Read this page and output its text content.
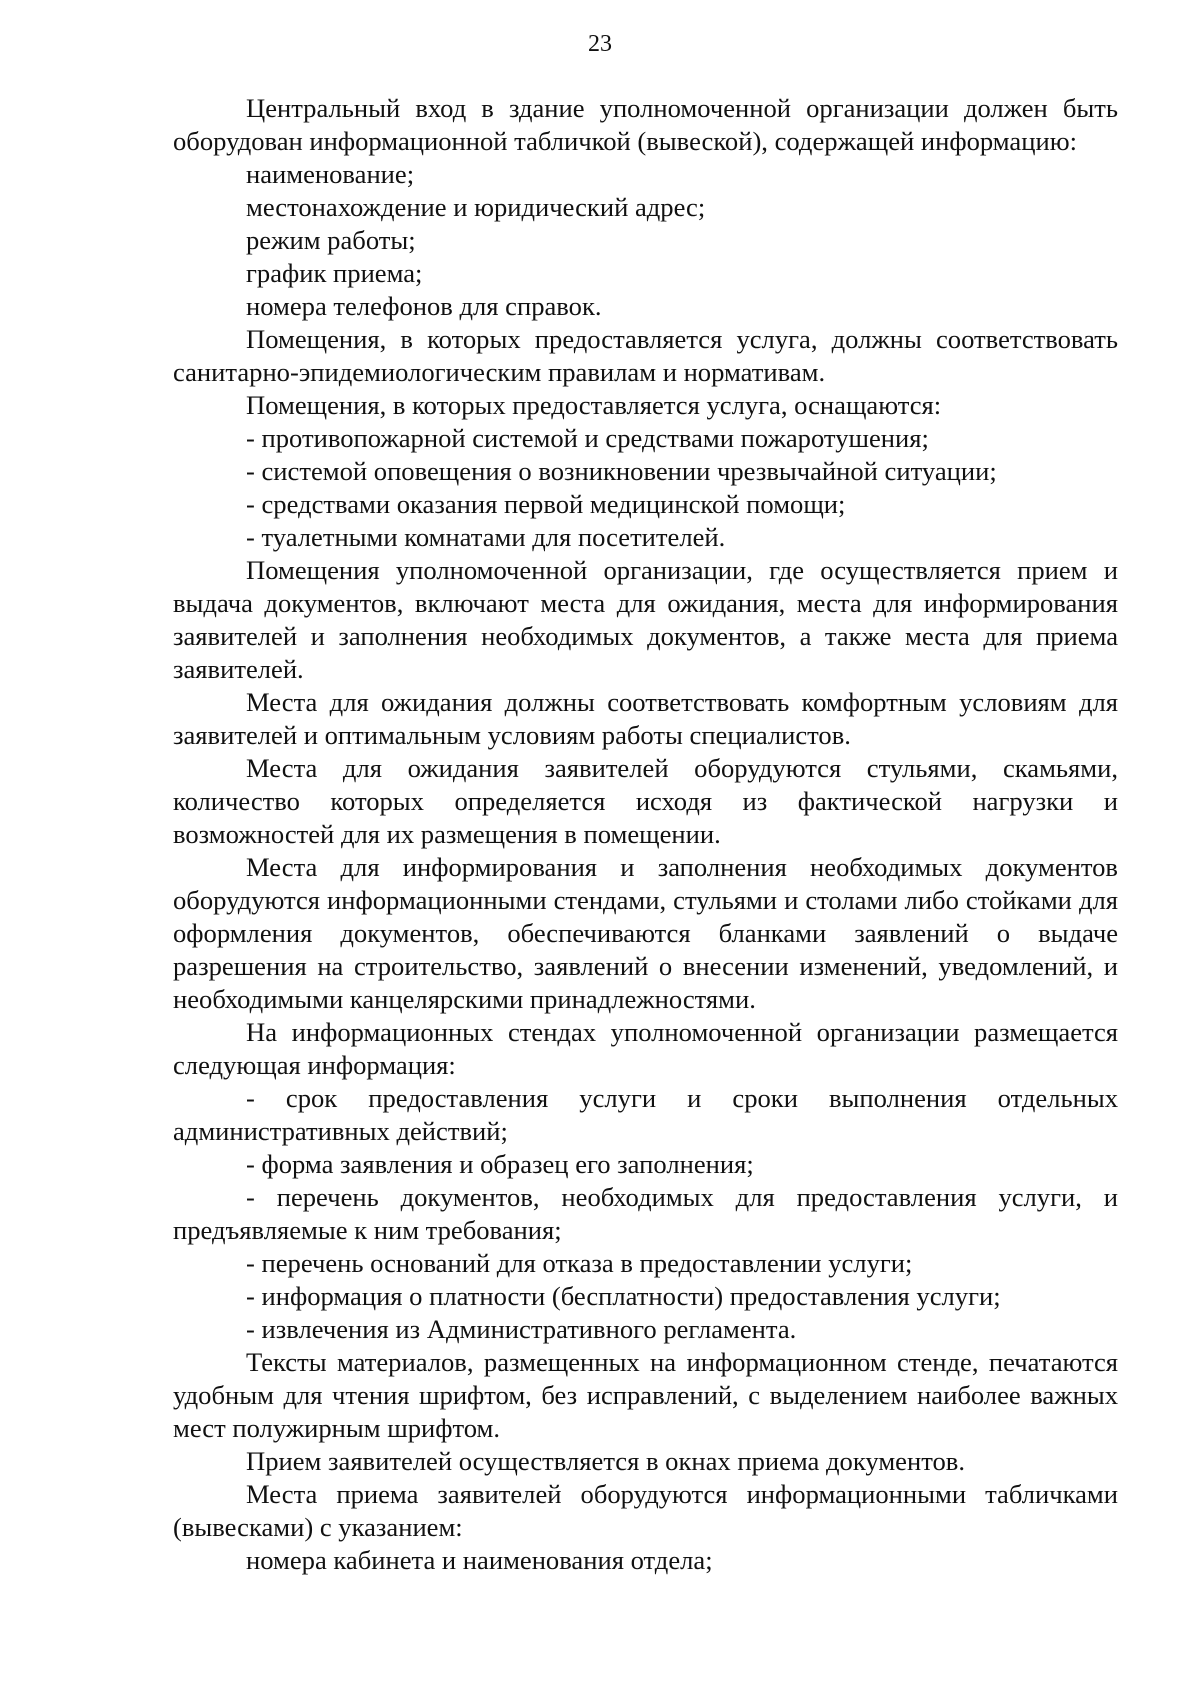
23

Центральный вход в здание уполномоченной организации должен быть оборудован информационной табличкой (вывеской), содержащей информацию:

наименование;

местонахождение и юридический адрес;

режим работы;

график приема;

номера телефонов для справок.

Помещения, в которых предоставляется услуга, должны соответствовать санитарно-эпидемиологическим правилам и нормативам.

Помещения, в которых предоставляется услуга, оснащаются:

- противопожарной системой и средствами пожаротушения;

- системой оповещения о возникновении чрезвычайной ситуации;

- средствами оказания первой медицинской помощи;

- туалетными комнатами для посетителей.

Помещения уполномоченной организации, где осуществляется прием и выдача документов, включают места для ожидания, места для информирования заявителей и заполнения необходимых документов, а также места для приема заявителей.

Места для ожидания должны соответствовать комфортным условиям для заявителей и оптимальным условиям работы специалистов.

Места для ожидания заявителей оборудуются стульями, скамьями, количество которых определяется исходя из фактической нагрузки и возможностей для их размещения в помещении.

Места для информирования и заполнения необходимых документов оборудуются информационными стендами, стульями и столами либо стойками для оформления документов, обеспечиваются бланками заявлений о выдаче разрешения на строительство, заявлений о внесении изменений, уведомлений, и необходимыми канцелярскими принадлежностями.

На информационных стендах уполномоченной организации размещается следующая информация:

- срок предоставления услуги и сроки выполнения отдельных административных действий;

- форма заявления и образец его заполнения;

- перечень документов, необходимых для предоставления услуги, и предъявляемые к ним требования;

- перечень оснований для отказа в предоставлении услуги;

- информация о платности (бесплатности) предоставления услуги;

- извлечения из Административного регламента.

Тексты материалов, размещенных на информационном стенде, печатаются удобным для чтения шрифтом, без исправлений, с выделением наиболее важных мест полужирным шрифтом.

Прием заявителей осуществляется в окнах приема документов.

Места приема заявителей оборудуются информационными табличками (вывесками) с указанием:

номера кабинета и наименования отдела;
